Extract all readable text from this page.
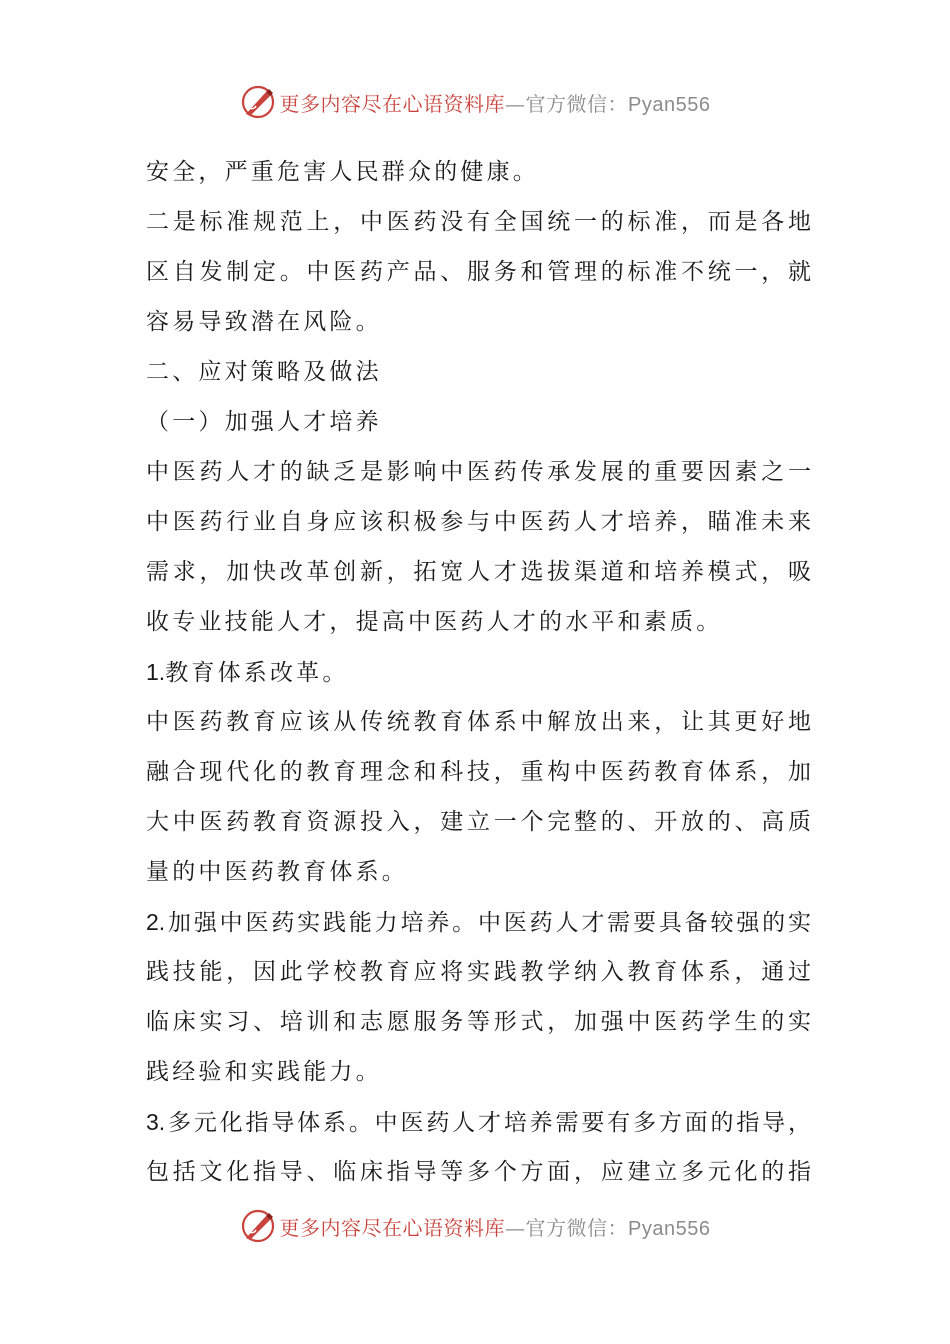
更多内容尽在心语资料库—官方微信：Pyan556
安全，严重危害人民群众的健康。
二是标准规范上，中医药没有全国统一的标准，而是各地
区自发制定。中医药产品、服务和管理的标准不统一，就
容易导致潜在风险。
二、应对策略及做法
（一）加强人才培养
中医药人才的缺乏是影响中医药传承发展的重要因素之一
中医药行业自身应该积极参与中医药人才培养，瞄准未来
需求，加快改革创新，拓宽人才选拔渠道和培养模式，吸
收专业技能人才，提高中医药人才的水平和素质。
1.教育体系改革。
中医药教育应该从传统教育体系中解放出来，让其更好地
融合现代化的教育理念和科技，重构中医药教育体系，加
大中医药教育资源投入，建立一个完整的、开放的、高质
量的中医药教育体系。
2.加强中医药实践能力培养。中医药人才需要具备较强的实
践技能，因此学校教育应将实践教学纳入教育体系，通过
临床实习、培训和志愿服务等形式，加强中医药学生的实
践经验和实践能力。
3.多元化指导体系。中医药人才培养需要有多方面的指导，
包括文化指导、临床指导等多个方面，应建立多元化的指
更多内容尽在心语资料库—官方微信：Pyan556
